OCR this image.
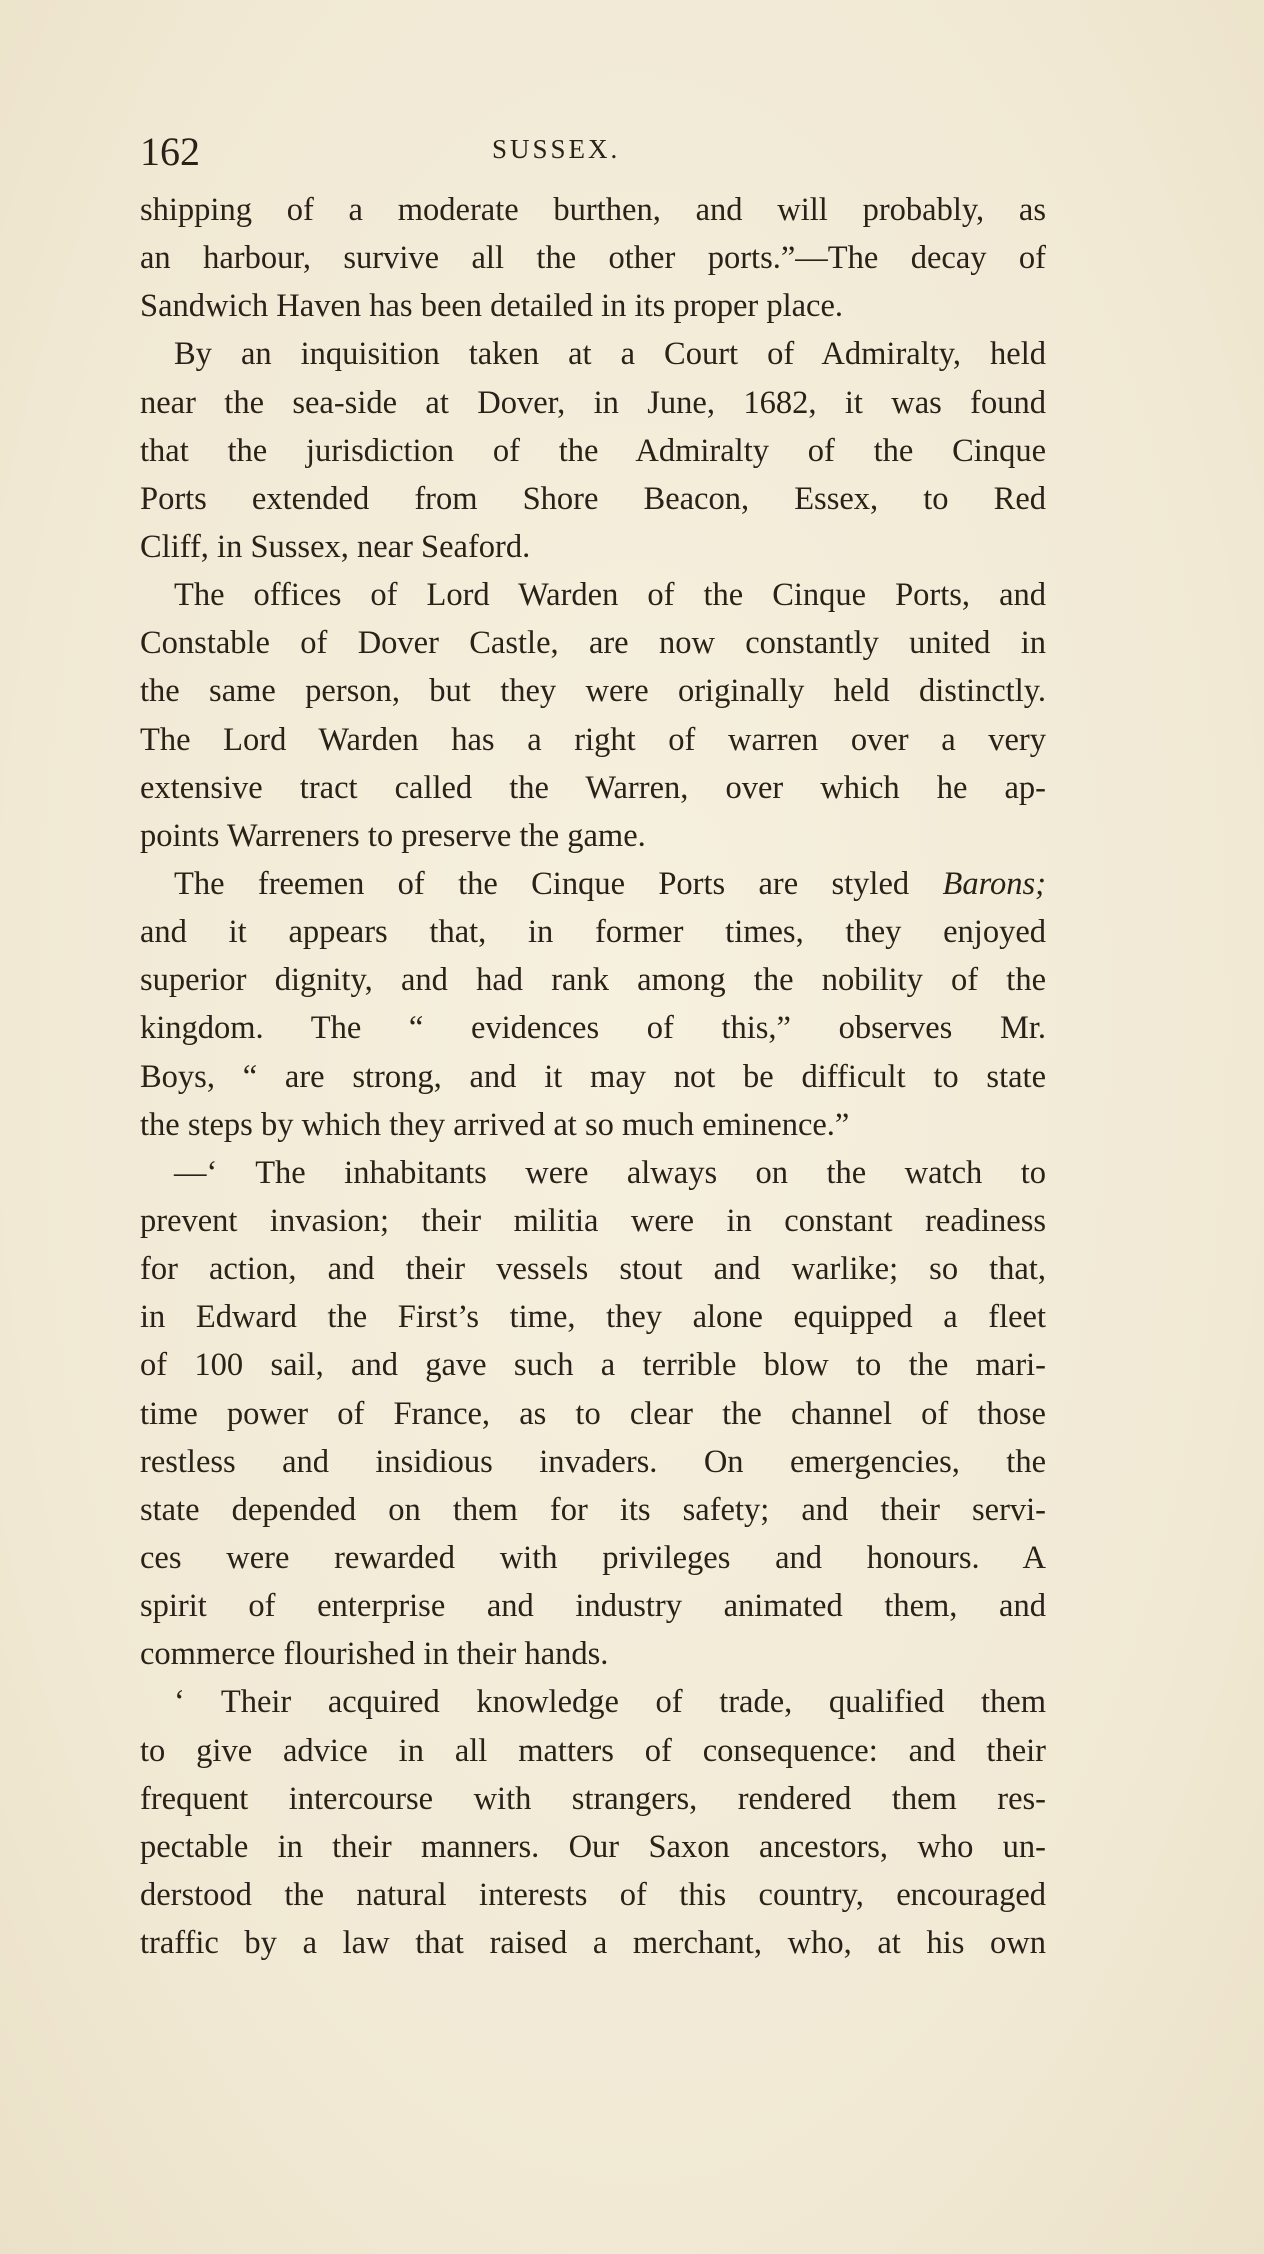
162	SUSSEX.
shipping of a moderate burthen, and will probably, as
an harbour, survive all the other ports.”—The decay of
Sandwich Haven has been detailed in its proper place.
By an inquisition taken at a Court of Admiralty, held
near the sea-side at Dover, in June, 1682, it was found
that the jurisdiction of the Admiralty of the Cinque
Ports extended from Shore Beacon, Essex, to Red
Cliff, in Sussex, near Seaford.
The offices of Lord Warden of the Cinque Ports, and
Constable of Dover Castle, are now constantly united in
the same person, but they were originally held distinctly.
The Lord Warden has a right of warren over a very
extensive tract called the Warren, over which he ap-
points Warreners to preserve the game.
The freemen of the Cinque Ports are styled Barons;
and it appears that, in former times, they enjoyed
superior dignity, and had rank among the nobility of the
kingdom. The “ evidences of this,” observes Mr.
Boys, “ are strong, and it may not be difficult to state
the steps by which they arrived at so much eminence.”
—‘ The inhabitants were always on the watch to
prevent invasion; their militia were in constant readiness
for action, and their vessels stout and warlike; so that,
in Edward the First’s time, they alone equipped a fleet
of 100 sail, and gave such a terrible blow to the mari-
time power of France, as to clear the channel of those
restless and insidious invaders. On emergencies, the
state depended on them for its safety; and their servi-
ces were rewarded with privileges and honours. A
spirit of enterprise and industry animated them, and
commerce flourished in their hands.
‘ Their acquired knowledge of trade, qualified them
to give advice in all matters of consequence: and their
frequent intercourse with strangers, rendered them res-
pectable in their manners. Our Saxon ancestors, who un-
derstood the natural interests of this country, encouraged
traffic by a law that raised a merchant, who, at his own
